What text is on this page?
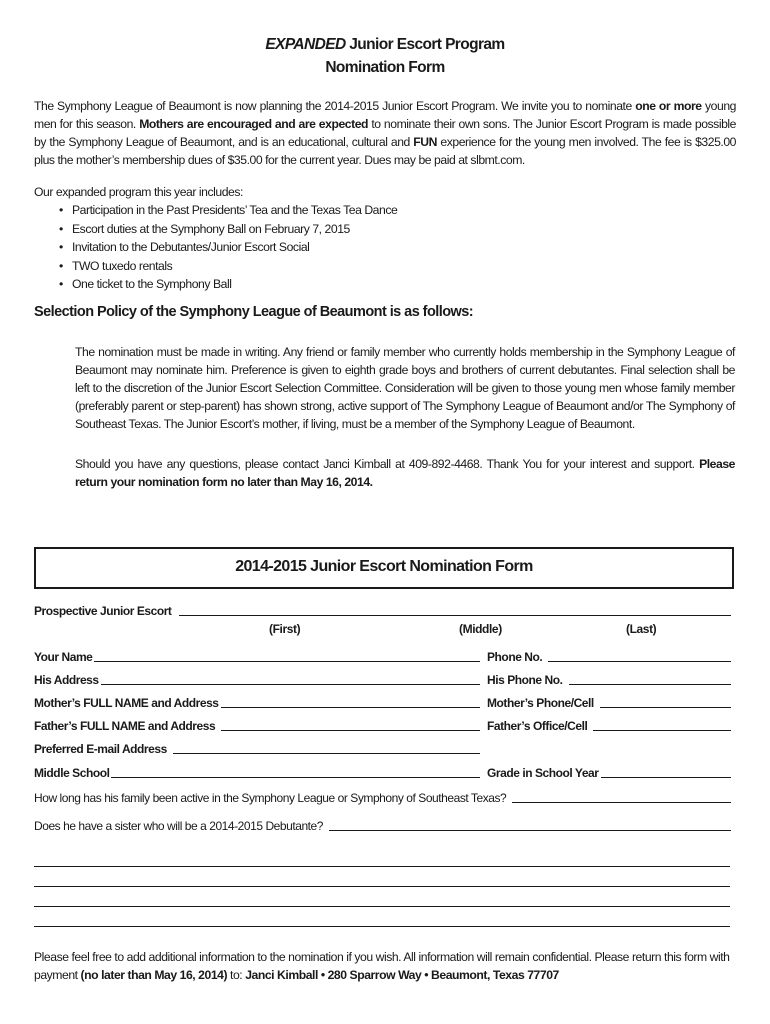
EXPANDED Junior Escort Program
Nomination Form
The Symphony League of Beaumont is now planning the 2014-2015 Junior Escort Program. We invite you to nominate one or more young men for this season. Mothers are encouraged and are expected to nominate their own sons. The Junior Escort Program is made possible by the Symphony League of Beaumont, and is an educational, cultural and FUN experience for the young men involved. The fee is $325.00 plus the mother’s membership dues of $35.00 for the current year. Dues may be paid at slbmt.com.
Our expanded program this year includes:
• Participation in the Past Presidents’ Tea and the Texas Tea Dance
• Escort duties at the Symphony Ball on February 7, 2015
• Invitation to the Debutantes/Junior Escort Social
• TWO tuxedo rentals
• One ticket to the Symphony Ball
Selection Policy of the Symphony League of Beaumont is as follows:
The nomination must be made in writing. Any friend or family member who currently holds membership in the Symphony League of Beaumont may nominate him. Preference is given to eighth grade boys and brothers of current debutantes. Final selection shall be left to the discretion of the Junior Escort Selection Committee. Consideration will be given to those young men whose family member (preferably parent or step-parent) has shown strong, active support of The Symphony League of Beaumont and/or The Symphony of Southeast Texas. The Junior Escort’s mother, if living, must be a member of the Symphony League of Beaumont.
Should you have any questions, please contact Janci Kimball at 409-892-4468. Thank You for your interest and support. Please return your nomination form no later than May 16, 2014.
2014-2015 Junior Escort Nomination Form
Prospective Junior Escort
(First)	(Middle)	(Last)
Your Name	Phone No.
His Address	His Phone No.
Mother’s FULL NAME and Address	Mother’s Phone/Cell
Father’s FULL NAME and Address	Father’s Office/Cell
Preferred E-mail Address
Middle School	Grade in School Year
How long has his family been active in the Symphony League or Symphony of Southeast Texas?
Does he have a sister who will be a 2014-2015 Debutante?
Please feel free to add additional information to the nomination if you wish. All information will remain confidential. Please return this form with payment (no later than May 16, 2014) to: Janci Kimball • 280 Sparrow Way • Beaumont, Texas 77707
